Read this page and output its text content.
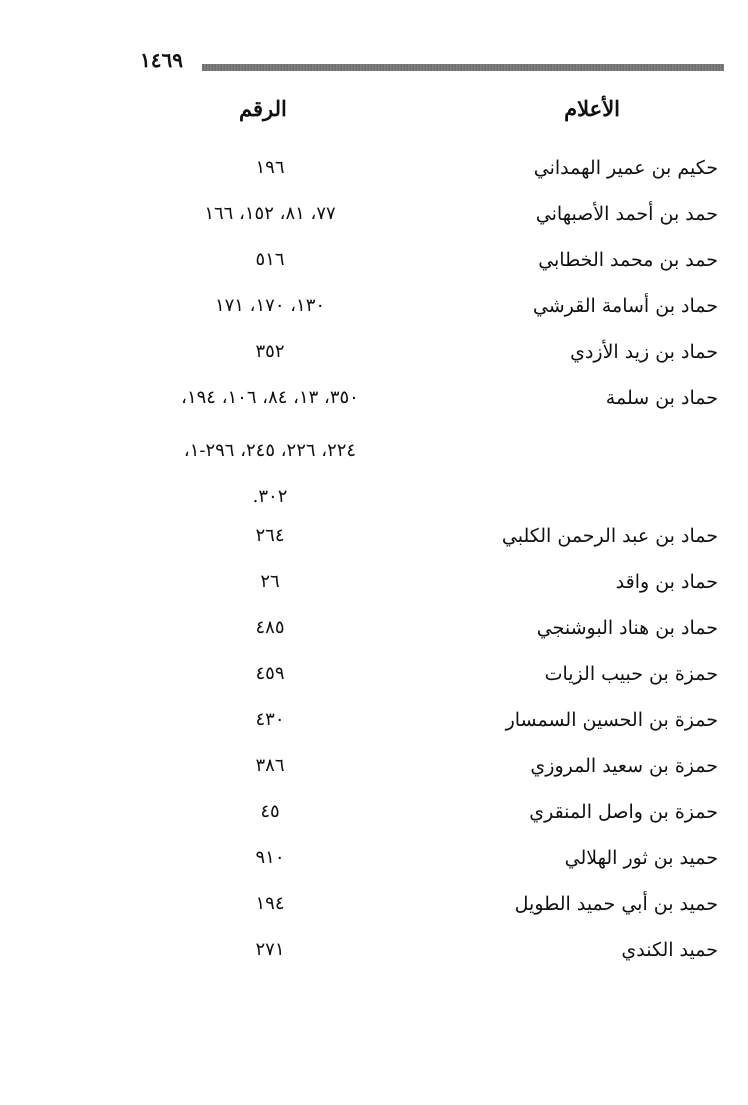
١٤٦٩
الأعلام
الرقم
حكيم بن عمير الهمداني
١٩٦
حمد بن أحمد الأصبهاني
٧٧، ٨١، ١٥٢، ١٦٦
حمد بن محمد الخطابي
٥١٦
حماد بن أسامة القرشي
١٣٠، ١٧٠، ١٧١
حماد بن زيد الأزدي
٣٥٢
حماد بن سلمة
٣٥٠، ١٣، ٨٤، ١٠٦، ١٩٤،
٢٢٤، ٢٢٦، ٢٤٥، ٢٩٦-١،
٣٠٢.
حماد بن عبد الرحمن الكلبي
٢٦٤
حماد بن واقد
٢٦
حماد بن هناد البوشنجي
٤٨٥
حمزة بن حبيب الزيات
٤٥٩
حمزة بن الحسين السمسار
٤٣٠
حمزة بن سعيد المروزي
٣٨٦
حمزة بن واصل المنقري
٤٥
حميد بن ثور الهلالي
٩١٠
حميد بن أبي حميد الطويل
١٩٤
حميد الكندي
٢٧١
